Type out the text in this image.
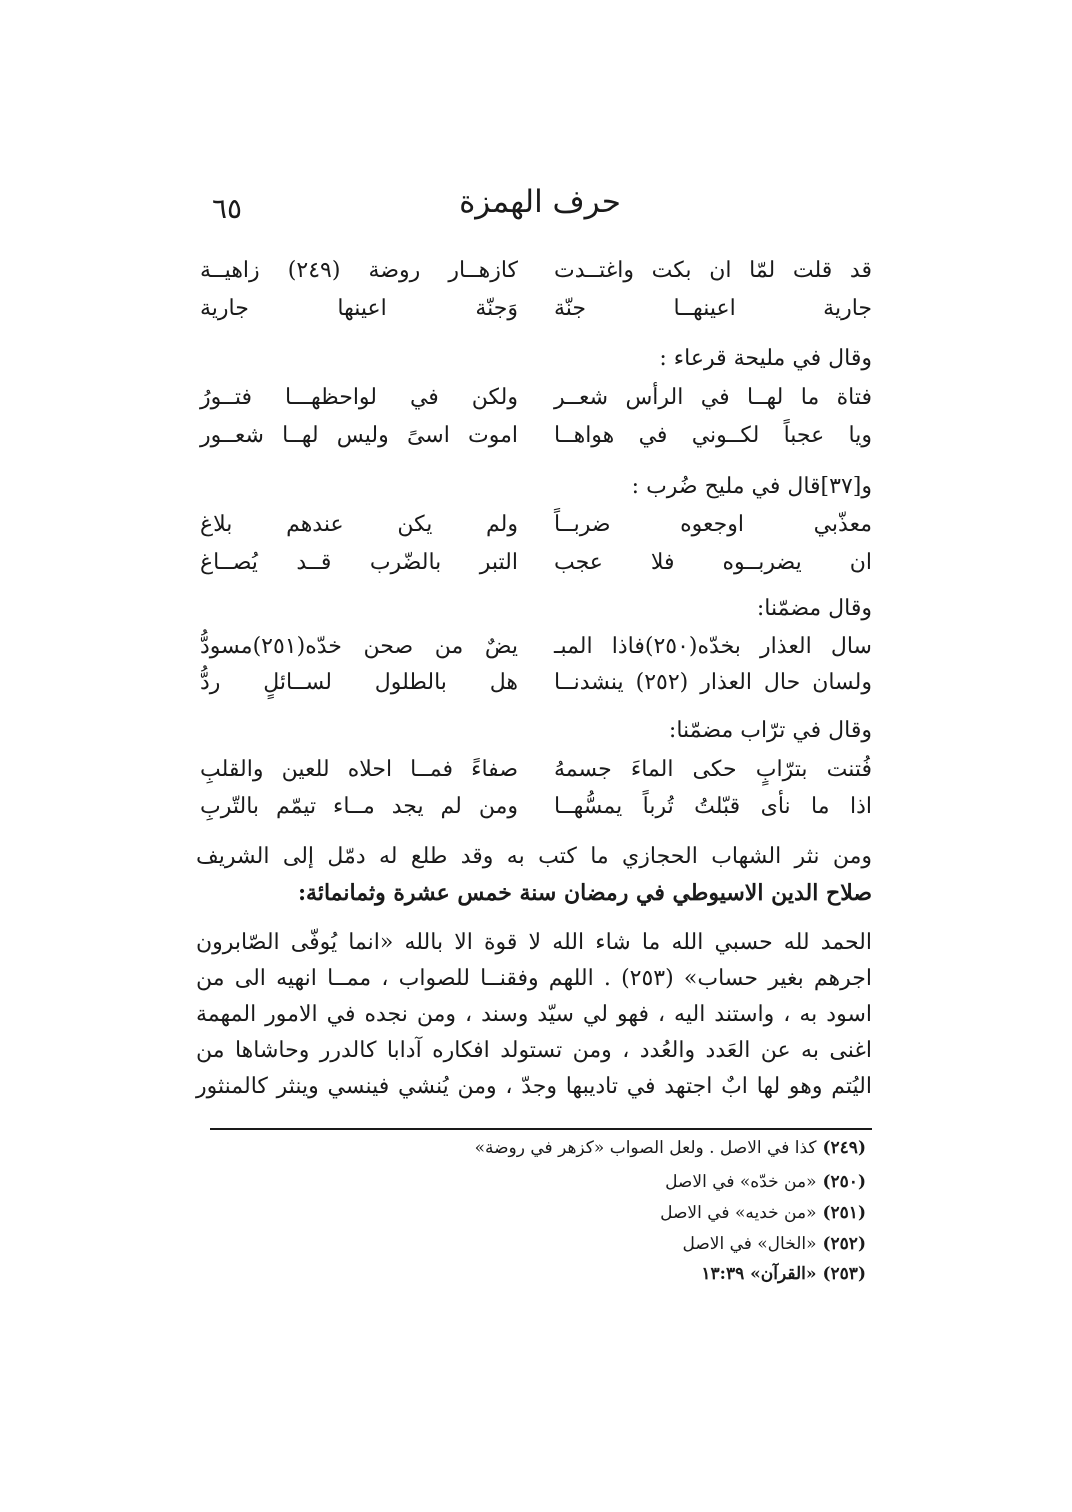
٦٥	حرف الهمزة
قد قلت لمّا ان بكت واغتــدت
كازهــار روضة (٢٤٩) زاهيــة
جارية اعينهــا جنّة
وَجنّة اعينها جارية
وقال في مليحة قرعاء :
فتاة ما لهــا في الرأس شعــر
ولكن في لواحظهـــا فتــورُ
ويا عجباً لكــوني في هواهــا
اموت اسىً وليس لهــا شعــور
و[٣٧]قال في مليح ضُرب :
معذّبي اوجعوه ضربــاً
ولم يكن عندهم بلاغ
ان يضربــوه فلا عجب
التبر بالضّرب قــد يُصــاغ
وقال مضمّنا:
سال العذار بخدّه(٢٥٠)فاذا المبـ
يضٌ من صحن خدّه(٢٥١)مسودُّ
ولسان حال العذار (٢٥٢) ينشدنــا
هل بالطلول لســائلٍ ردُّ
وقال في ترّاب مضمّنا:
فُتنت بترّابٍ حكى الماءَ جسمهُ
صفاءً فمــا احلاه للعين والقلبِ
اذا ما نأى قبّلتُ تُرباً يمسُّهــا
ومن لم يجد مــاء تيمّم بالتّربِ
ومن نثر الشهاب الحجازي ما كتب به وقد طلع له دمّل إلى الشريف
صلاح الدين الاسيوطي في رمضان سنة خمس عشرة وثمانمائة:
الحمد لله حسبي الله ما شاء الله لا قوة الا بالله «انما يُوفّى الصّابرون
اجرهم بغير حساب» (٢٥٣) . اللهم وفقنــا للصواب ، ممــا انهيه الى من
اسود به ، واستند اليه ، فهو لي سيّد وسند ، ومن نجده في الامور المهمة
اغنى به عن العَدد والعُدد ، ومن تستولد افكاره آدابا كالدرر وحاشاها من
اليُتم وهو لها ابٌ اجتهد في تاديبها وجدّ ، ومن يُنشي فينسي وينثر كالمنثور
(٢٤٩)كذا في الاصل . ولعل الصواب «كزهر في روضة»
(٢٥٠)«من خدّه» في الاصل
(٢٥١)«من خديه» في الاصل
(٢٥٢)«الخال» في الاصل
(٢٥٣)«القرآن» ١٣:٣٩
